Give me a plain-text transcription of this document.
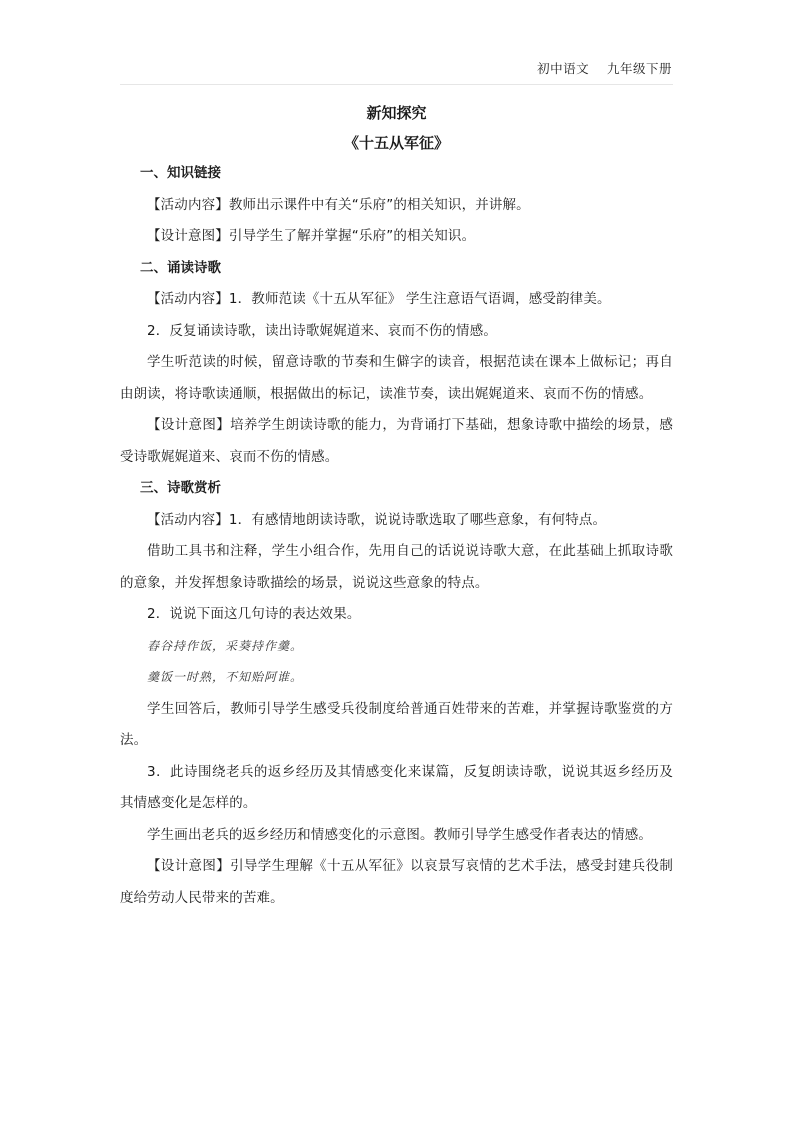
初中语文    九年级下册

新知探究

《十五从军征》

一、知识链接

【活动内容】教师出示课件中有关“乐府”的相关知识，并讲解。

【设计意图】引导学生了解并掌握“乐府”的相关知识。

二、诵读诗歌

【活动内容】1．教师范读《十五从军征》 学生注意语气语调，感受韵律美。

2．反复诵读诗歌，读出诗歌娓娓道来、哀而不伤的情感。

学生听范读的时候，留意诗歌的节奏和生僻字的读音，根据范读在课本上做标记；再自由朗读，将诗歌读通顺，根据做出的标记，读准节奏，读出娓娓道来、哀而不伤的情感。

【设计意图】培养学生朗读诗歌的能力，为背诵打下基础，想象诗歌中描绘的场景，感受诗歌娓娓道来、哀而不伤的情感。

三、诗歌赏析

【活动内容】1．有感情地朗读诗歌，说说诗歌选取了哪些意象，有何特点。

借助工具书和注释，学生小组合作，先用自己的话说说诗歌大意，在此基础上抓取诗歌的意象，并发挥想象诗歌描绘的场景，说说这些意象的特点。

2．说说下面这几句诗的表达效果。

舂谷持作饭，采葵持作羹。

羹饭一时熟，不知贻阿谁。

学生回答后，教师引导学生感受兵役制度给普通百姓带来的苦难，并掌握诗歌鉴赏的方法。

3．此诗围绕老兵的返乡经历及其情感变化来谋篇，反复朗读诗歌，说说其返乡经历及其情感变化是怎样的。

学生画出老兵的返乡经历和情感变化的示意图。教师引导学生感受作者表达的情感。

【设计意图】引导学生理解《十五从军征》以哀景写哀情的艺术手法，感受封建兵役制度给劳动人民带来的苦难。
